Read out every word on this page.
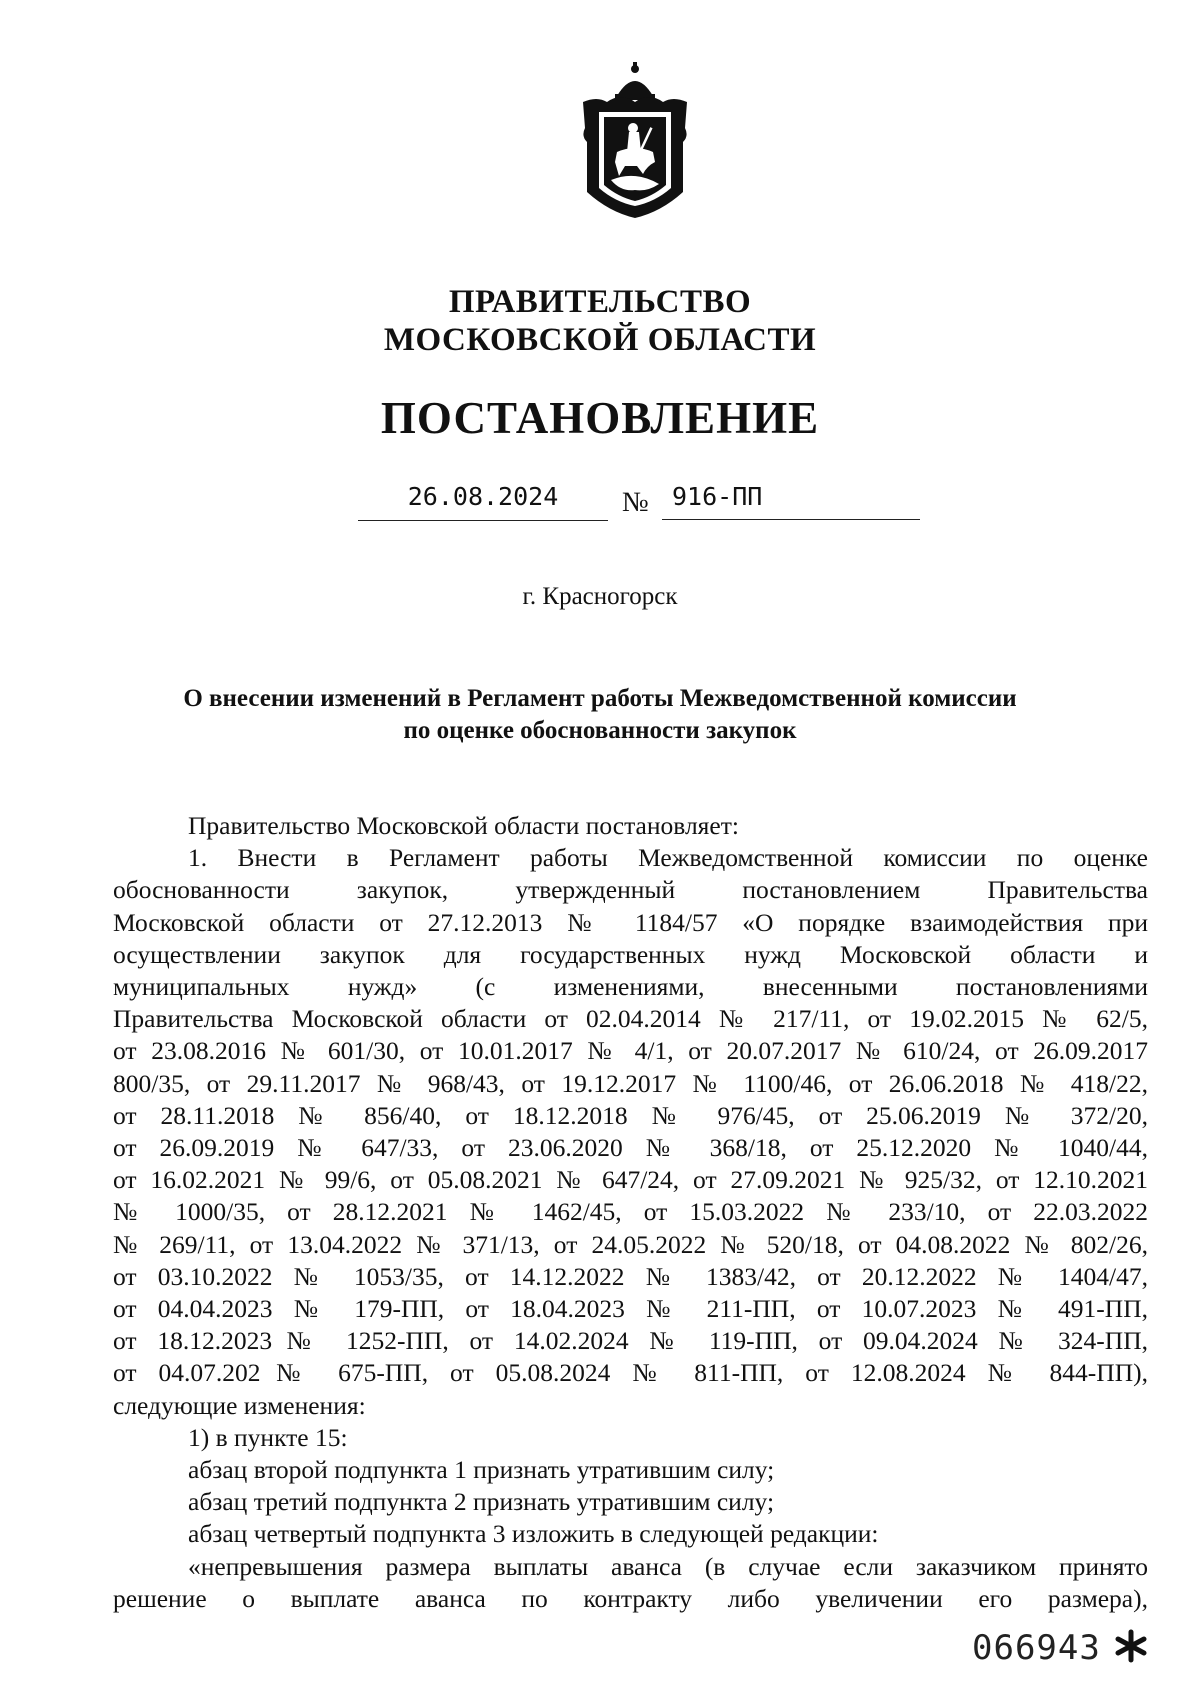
ПРАВИТЕЛЬСТВО
МОСКОВСКОЙ ОБЛАСТИ
ПОСТАНОВЛЕНИЕ
26.08.2024	№ 916-ПП
г. Красногорск
О внесении изменений в Регламент работы Межведомственной комиссии
по оценке обоснованности закупок

Правительство Московской области постановляет:

1. Внести в Регламент работы Межведомственной комиссии по оценке

обоснованности закупок, утвержденный постановлением Правительства

Московской области от 27.12.2013 № 1184/57 «О порядке взаимодействия при

осуществлении закупок для государственных нужд Московской области и

муниципальных нужд» (с изменениями, внесенными постановлениями

Правительства Московской области от 02.04.2014 № 217/11, от 19.02.2015 № 62/5,

от 23.08.2016 № 601/30, от 10.01.2017 № 4/1, от 20.07.2017 № 610/24, от 26.09.2017

800/35, от 29.11.2017 № 968/43, от 19.12.2017 № 1100/46, от 26.06.2018 № 418/22,

от 28.11.2018 № 856/40, от 18.12.2018 № 976/45, от 25.06.2019 № 372/20,

от 26.09.2019 № 647/33, от 23.06.2020 № 368/18, от 25.12.2020 № 1040/44,

от 16.02.2021 № 99/6, от 05.08.2021 № 647/24, от 27.09.2021 № 925/32, от 12.10.2021

№ 1000/35, от 28.12.2021 № 1462/45, от 15.03.2022 № 233/10, от 22.03.2022

№ 269/11, от 13.04.2022 № 371/13, от 24.05.2022 № 520/18, от 04.08.2022 № 802/26,

от 03.10.2022 № 1053/35, от 14.12.2022 № 1383/42, от 20.12.2022 № 1404/47,

от 04.04.2023 № 179-ПП, от 18.04.2023 № 211-ПП, от 10.07.2023 № 491-ПП,

от 18.12.2023№ 1252-ПП, от 14.02.2024 № 119-ПП, от 09.04.2024 № 324-ПП,

от 04.07.202№ 675-ПП, от 05.08.2024 № 811-ПП, от 12.08.2024 № 844-ПП),

следующие изменения:

1) в пункте 15:

абзац второй подпункта 1 признать утратившим силу;

абзац третий подпункта 2 признать утратившим силу;

абзац четвертый подпункта 3 изложить в следующей редакции:

«непревышения размера выплаты аванса (в случае если заказчиком принято

решение о выплате аванса по контракту либо увеличении его размера),

066943
